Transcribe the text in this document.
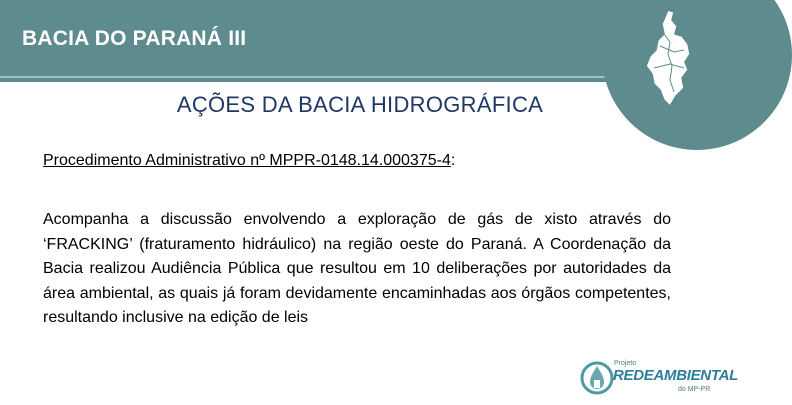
BACIA DO PARANÁ III
AÇÕES DA BACIA HIDROGRÁFICA
Procedimento Administrativo nº MPPR-0148.14.000375-4:
Acompanha a discussão envolvendo a exploração de gás de xisto através do ‘FRACKING’ (fraturamento hidráulico) na região oeste do Paraná. A Coordenação da Bacia realizou Audiência Pública que resultou em 10 deliberações por autoridades da área ambiental, as quais já foram devidamente encaminhadas aos órgãos competentes, resultando inclusive na edição de leis
Projeto
REDEAMBIENTAL
do MP-PR
